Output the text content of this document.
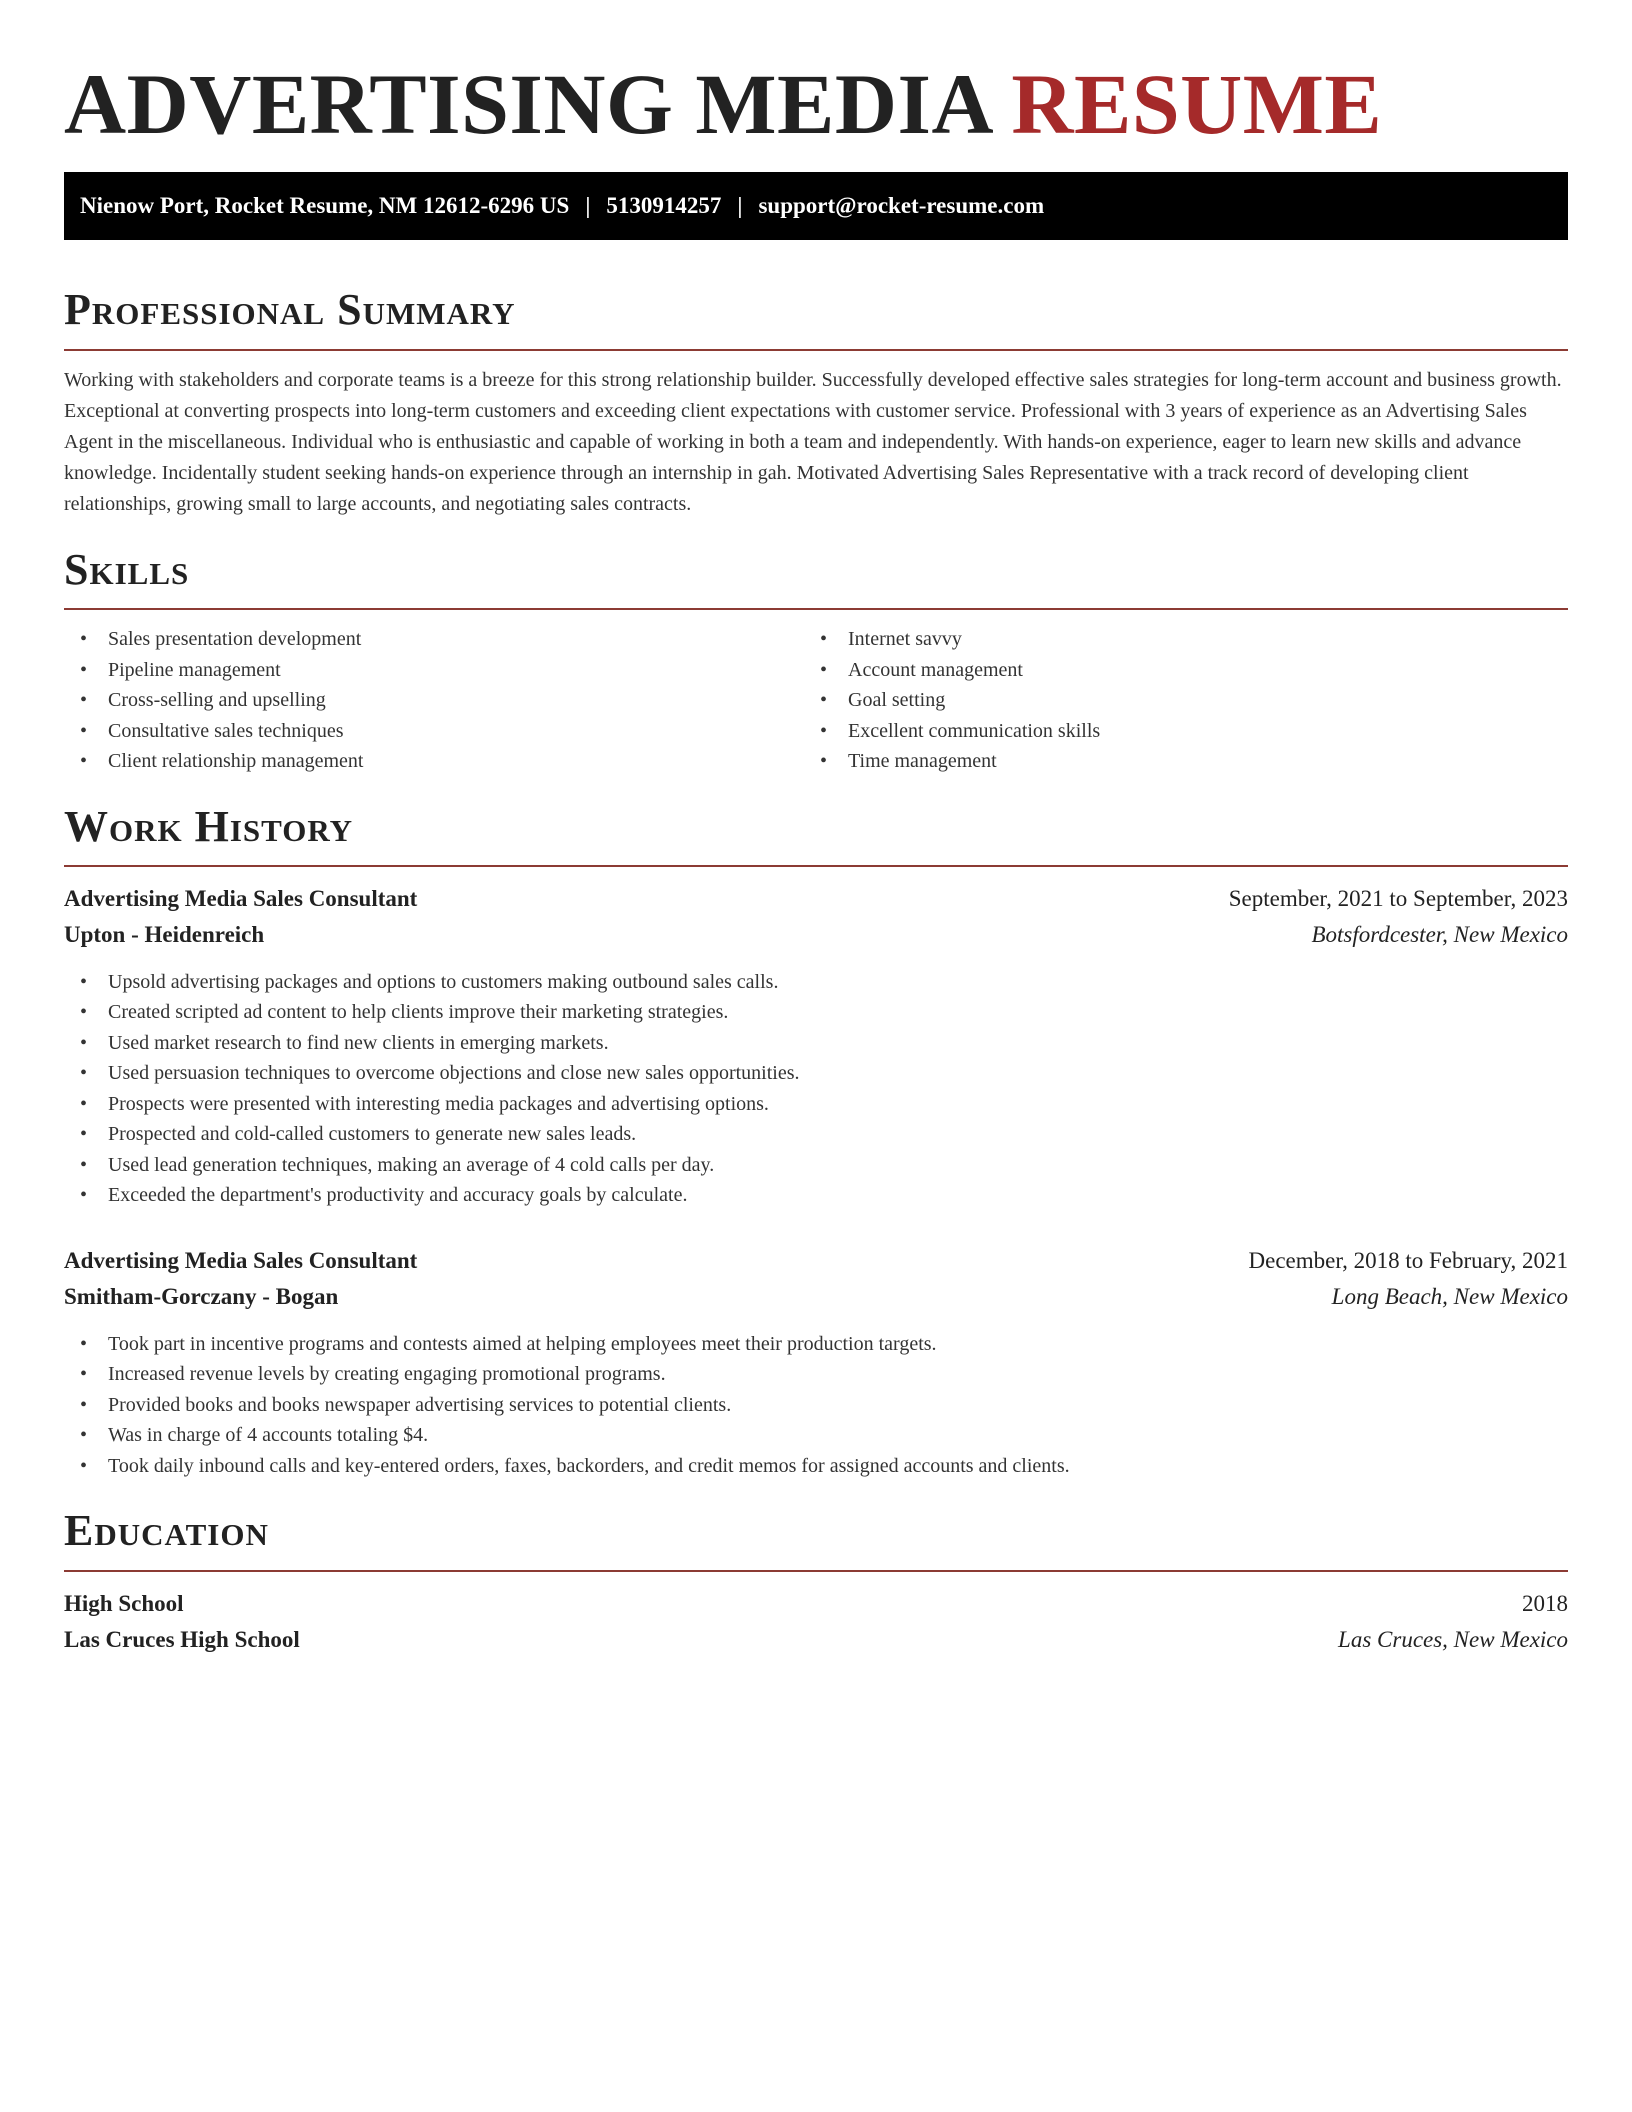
ADVERTISING MEDIA RESUME
Nienow Port, Rocket Resume, NM 12612-6296 US | 5130914257 | support@rocket-resume.com
Professional Summary

Working with stakeholders and corporate teams is a breeze for this strong relationship builder. Successfully developed effective sales strategies for long-term account and business growth. Exceptional at converting prospects into long-term customers and exceeding client expectations with customer service. Professional with 3 years of experience as an Advertising Sales Agent in the miscellaneous. Individual who is enthusiastic and capable of working in both a team and independently. With hands-on experience, eager to learn new skills and advance knowledge. Incidentally student seeking hands-on experience through an internship in gah. Motivated Advertising Sales Representative with a track record of developing client relationships, growing small to large accounts, and negotiating sales contracts.

Skills
• Sales presentation development
• Pipeline management
• Cross-selling and upselling
• Consultative sales techniques
• Client relationship management
• Internet savvy
• Account management
• Goal setting
• Excellent communication skills
• Time management
Work History
Advertising Media Sales Consultant	September, 2021 to September, 2023
Upton - Heidenreich	Botsfordcester, New Mexico
• Upsold advertising packages and options to customers making outbound sales calls.
• Created scripted ad content to help clients improve their marketing strategies.
• Used market research to find new clients in emerging markets.
• Used persuasion techniques to overcome objections and close new sales opportunities.
• Prospects were presented with interesting media packages and advertising options.
• Prospected and cold-called customers to generate new sales leads.
• Used lead generation techniques, making an average of 4 cold calls per day.
• Exceeded the department's productivity and accuracy goals by calculate.
Advertising Media Sales Consultant	December, 2018 to February, 2021
Smitham-Gorczany - Bogan	Long Beach, New Mexico
• Took part in incentive programs and contests aimed at helping employees meet their production targets.
• Increased revenue levels by creating engaging promotional programs.
• Provided books and books newspaper advertising services to potential clients.
• Was in charge of 4 accounts totaling $4.
• Took daily inbound calls and key-entered orders, faxes, backorders, and credit memos for assigned accounts and clients.
Education
High School	2018
Las Cruces High School	Las Cruces, New Mexico
